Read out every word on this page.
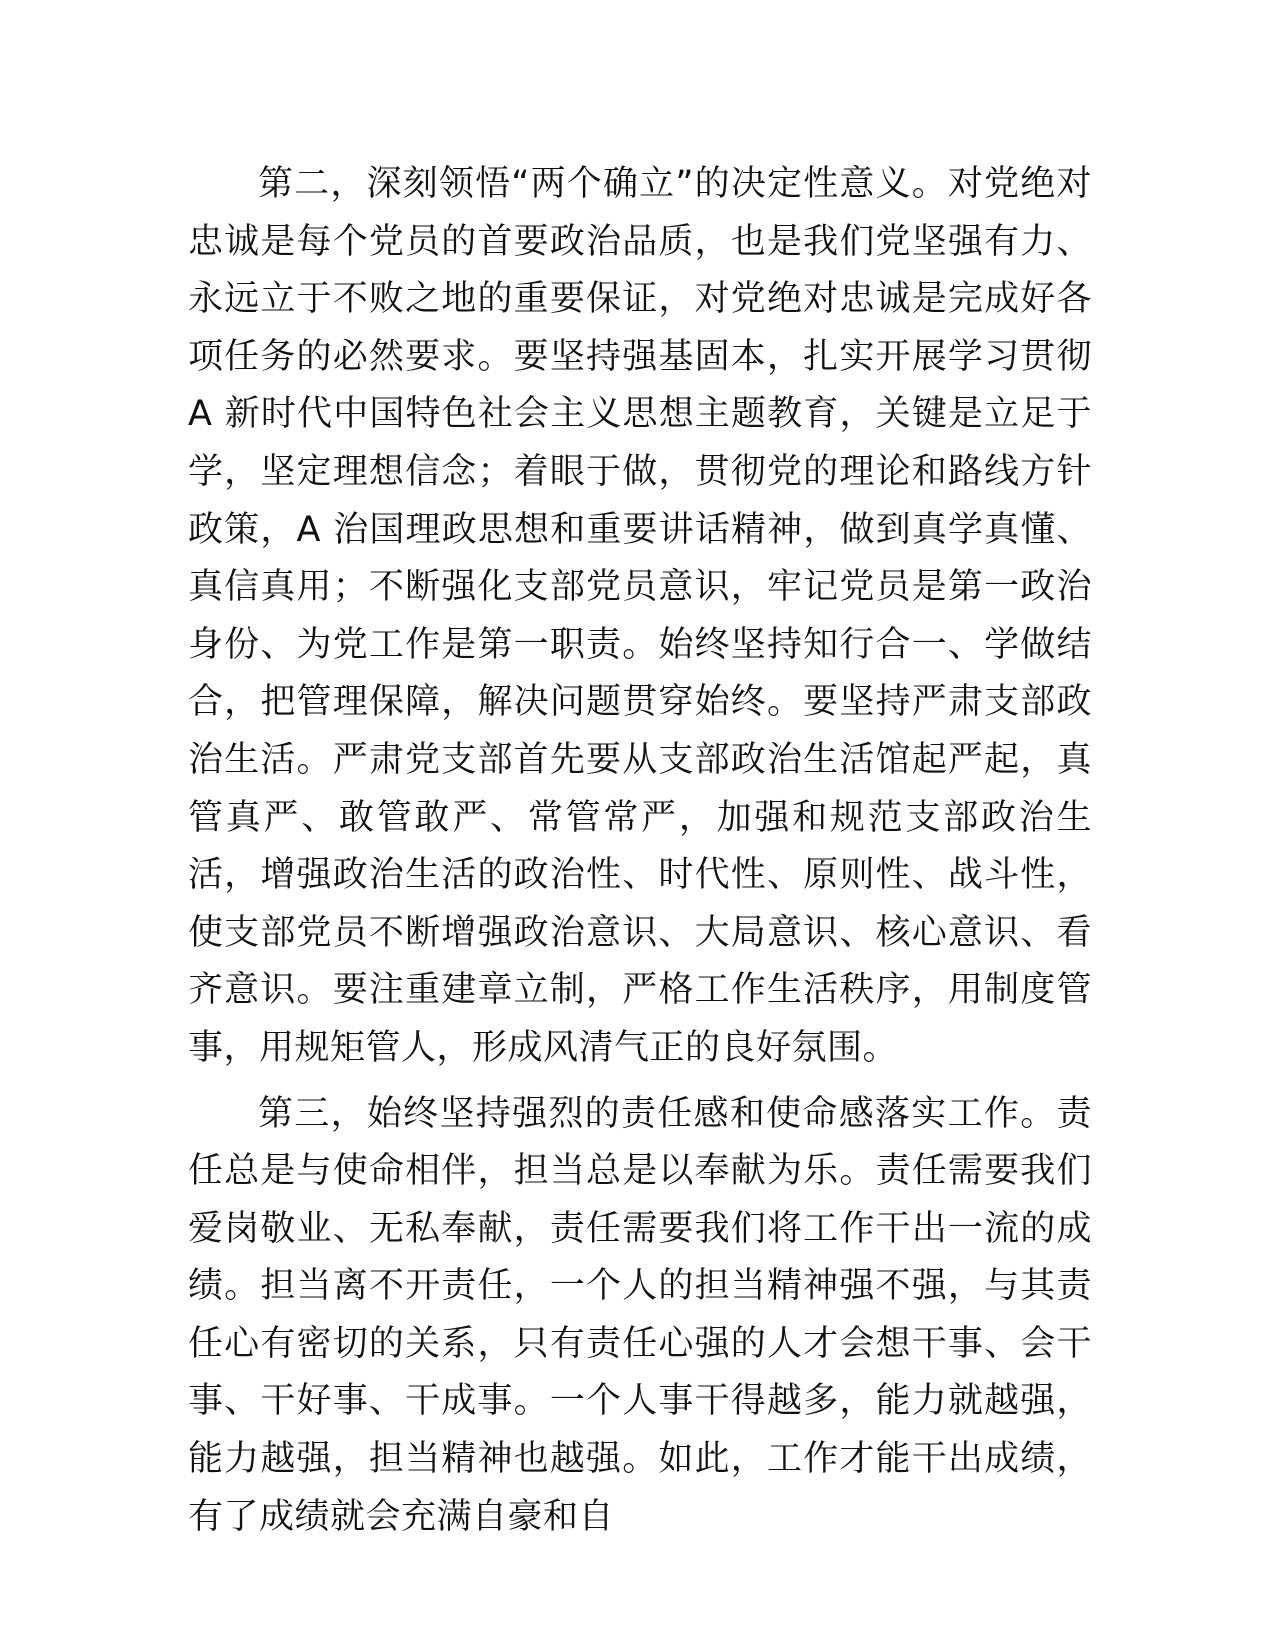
第二，深刻领悟“两个确立”的决定性意义。对党绝对忠诚是每个党员的首要政治品质，也是我们党坚强有力、永远立于不败之地的重要保证，对党绝对忠诚是完成好各项任务的必然要求。要坚持强基固本，扎实开展学习贯彻 A 新时代中国特色社会主义思想主题教育，关键是立足于学，坚定理想信念；着眼于做，贯彻党的理论和路线方针政策，A 治国理政思想和重要讲话精神，做到真学真懂、真信真用；不断强化支部党员意识，牢记党员是第一政治身份、为党工作是第一职责。始终坚持知行合一、学做结合，把管理保障，解决问题贯穿始终。要坚持严肃支部政治生活。严肃党支部首先要从支部政治生活馆起严起，真管真严、敢管敢严、常管常严，加强和规范支部政治生活，增强政治生活的政治性、时代性、原则性、战斗性，使支部党员不断增强政治意识、大局意识、核心意识、看齐意识。要注重建章立制，严格工作生活秩序，用制度管事，用规矩管人，形成风清气正的良好氛围。

第三，始终坚持强烈的责任感和使命感落实工作。责任总是与使命相伴，担当总是以奉献为乐。责任需要我们爱岗敬业、无私奉献，责任需要我们将工作干出一流的成绩。担当离不开责任，一个人的担当精神强不强，与其责任心有密切的关系，只有责任心强的人才会想干事、会干事、干好事、干成事。一个人事干得越多，能力就越强，能力越强，担当精神也越强。如此，工作才能干出成绩，有了成绩就会充满自豪和自
